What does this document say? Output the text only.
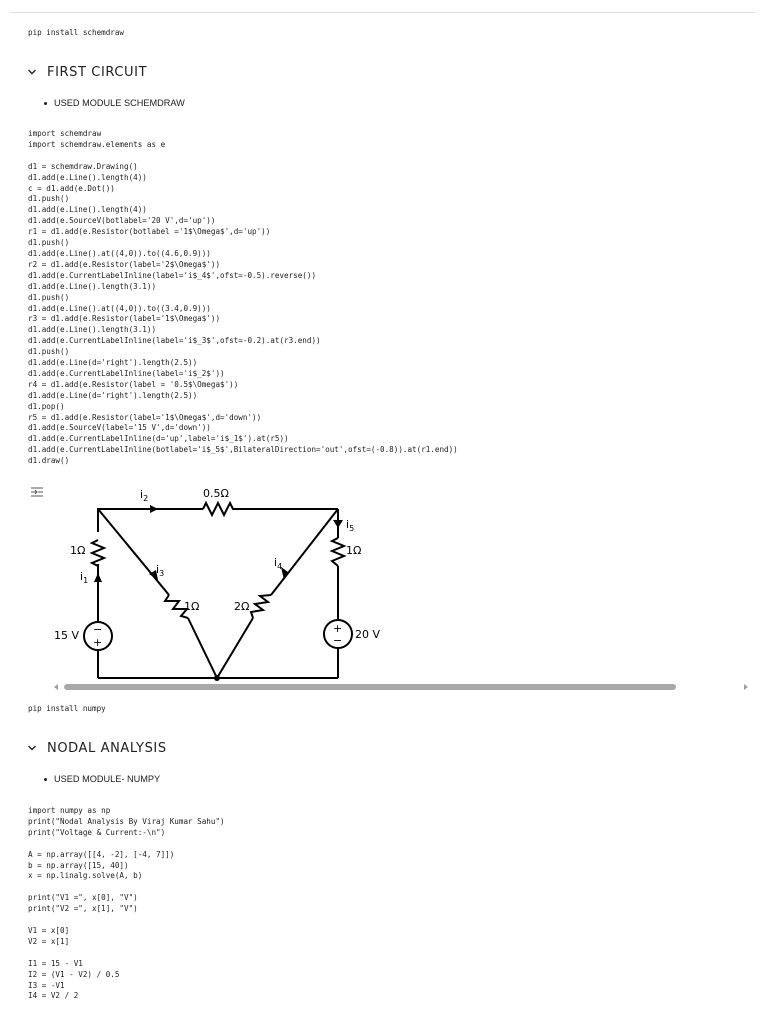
pip install schemdraw
FIRST CIRCUIT
USED MODULE SCHEMDRAW
import schemdraw
import schemdraw.elements as e

d1 = schemdraw.Drawing()
d1.add(e.Line().length(4))
c = d1.add(e.Dot())
d1.push()
d1.add(e.Line().length(4))
d1.add(e.SourceV(botlabel='20 V',d='up'))
r1 = d1.add(e.Resistor(botlabel ='1$\Omega$',d='up'))
d1.push()
d1.add(e.Line().at((4,0)).to((4.6,0.9)))
r2 = d1.add(e.Resistor(label='2$\Omega$'))
d1.add(e.CurrentLabelInline(label='i$_4$',ofst=-0.5).reverse())
d1.add(e.Line().length(3.1))
d1.push()
d1.add(e.Line().at((4,0)).to((3.4,0.9)))
r3 = d1.add(e.Resistor(label='1$\Omega$'))
d1.add(e.Line().length(3.1))
d1.add(e.CurrentLabelInline(label='i$_3$',ofst=-0.2).at(r3.end))
d1.push()
d1.add(e.Line(d='right').length(2.5))
d1.add(e.CurrentLabelInline(label='i$_2$'))
r4 = d1.add(e.Resistor(label = '0.5$\Omega$'))
d1.add(e.Line(d='right').length(2.5))
d1.pop()
r5 = d1.add(e.Resistor(label='1$\Omega$',d='down'))
d1.add(e.SourceV(label='15 V',d='down'))
d1.add(e.CurrentLabelInline(d='up',label='i$_1$').at(r5))
d1.add(e.CurrentLabelInline(botlabel='i$_5$',BilateralDirection='out',ofst=(-0.8)).at(r1.end))
d1.draw()
0.5Ω
1Ω	1Ω
1Ω	2Ω
15 V	20 V
−
+
+
−
$i_2$
$i_1$
$i_3$
$i_4$
$i_5$
pip install numpy
NODAL ANALYSIS
USED MODULE- NUMPY
import numpy as np
print("Nodal Analysis By Viraj Kumar Sahu")
print("Voltage & Current:-\n")

A = np.array([[4, -2], [-4, 7]])
b = np.array([15, 40])
x = np.linalg.solve(A, b)

print("V1 =", x[0], "V")
print("V2 =", x[1], "V")

V1 = x[0]
V2 = x[1]

I1 = 15 - V1
I2 = (V1 - V2) / 0.5
I3 = -V1
I4 = V2 / 2
